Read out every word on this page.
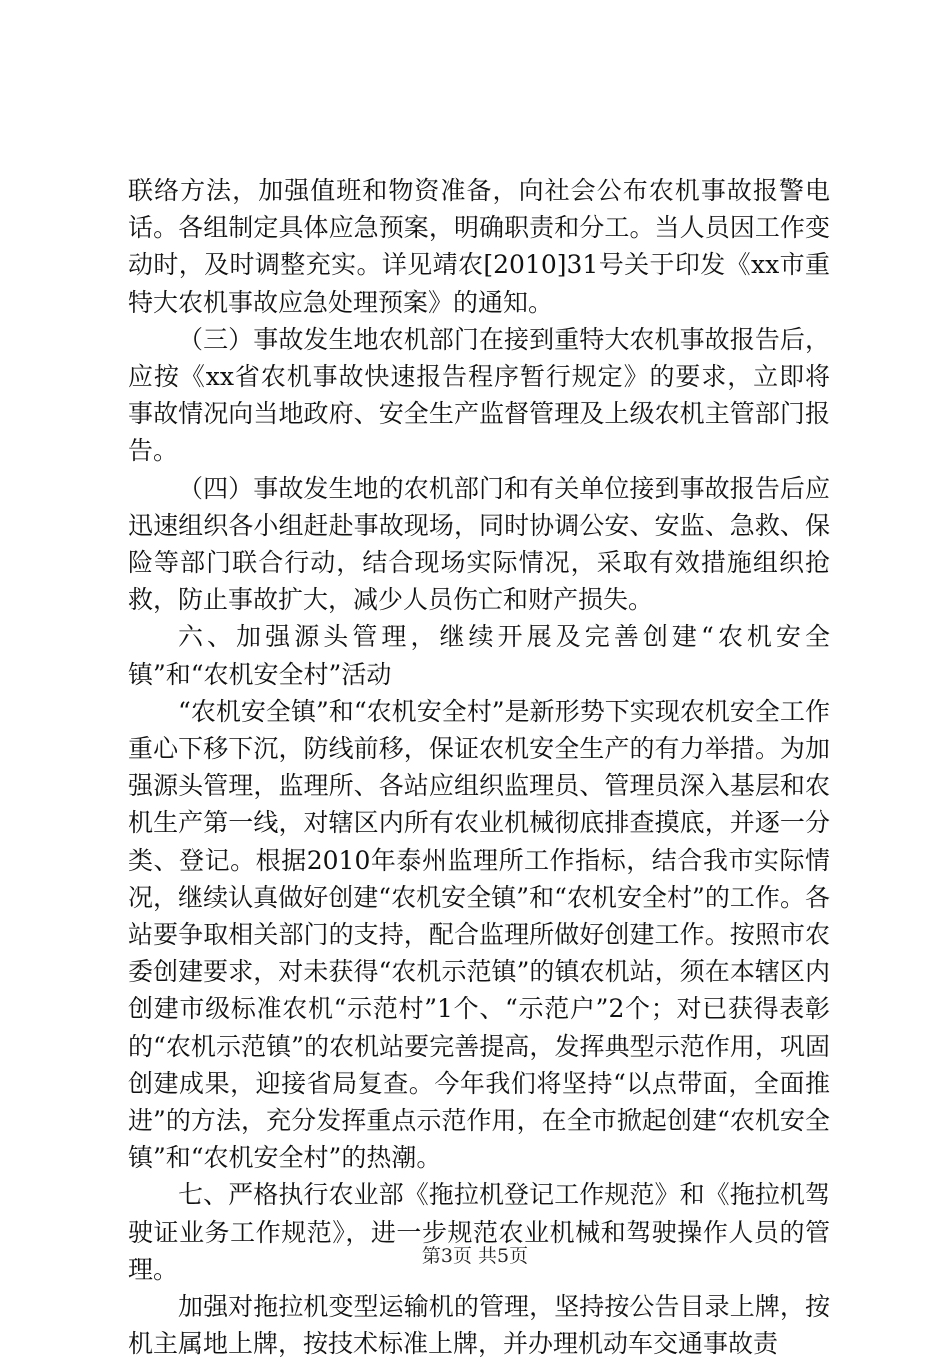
联络方法，加强值班和物资准备，向社会公布农机事故报警电话。各组制定具体应急预案，明确职责和分工。当人员因工作变动时，及时调整充实。详见靖农[2010]31号关于印发《xx市重特大农机事故应急处理预案》的通知。

（三）事故发生地农机部门在接到重特大农机事故报告后，应按《xx省农机事故快速报告程序暂行规定》的要求，立即将事故情况向当地政府、安全生产监督管理及上级农机主管部门报告。

（四）事故发生地的农机部门和有关单位接到事故报告后应迅速组织各小组赶赴事故现场，同时协调公安、安监、急救、保险等部门联合行动，结合现场实际情况，采取有效措施组织抢救，防止事故扩大，减少人员伤亡和财产损失。

六、加强源头管理，继续开展及完善创建“农机安全镇”和“农机安全村”活动

“农机安全镇”和“农机安全村”是新形势下实现农机安全工作重心下移下沉，防线前移，保证农机安全生产的有力举措。为加强源头管理，监理所、各站应组织监理员、管理员深入基层和农机生产第一线，对辖区内所有农业机械彻底排查摸底，并逐一分类、登记。根据2010年泰州监理所工作指标，结合我市实际情况，继续认真做好创建“农机安全镇”和“农机安全村”的工作。各站要争取相关部门的支持，配合监理所做好创建工作。按照市农委创建要求，对未获得“农机示范镇”的镇农机站，须在本辖区内创建市级标准农机“示范村”1个、“示范户”2个；对已获得表彰的“农机示范镇”的农机站要完善提高，发挥典型示范作用，巩固创建成果，迎接省局复查。今年我们将坚持“以点带面，全面推进”的方法，充分发挥重点示范作用，在全市掀起创建“农机安全镇”和“农机安全村”的热潮。

七、严格执行农业部《拖拉机登记工作规范》和《拖拉机驾驶证业务工作规范》，进一步规范农业机械和驾驶操作人员的管理。

加强对拖拉机变型运输机的管理，坚持按公告目录上牌，按机主属地上牌，按技术标准上牌，并办理机动车交通事故责

第3页 共5页
